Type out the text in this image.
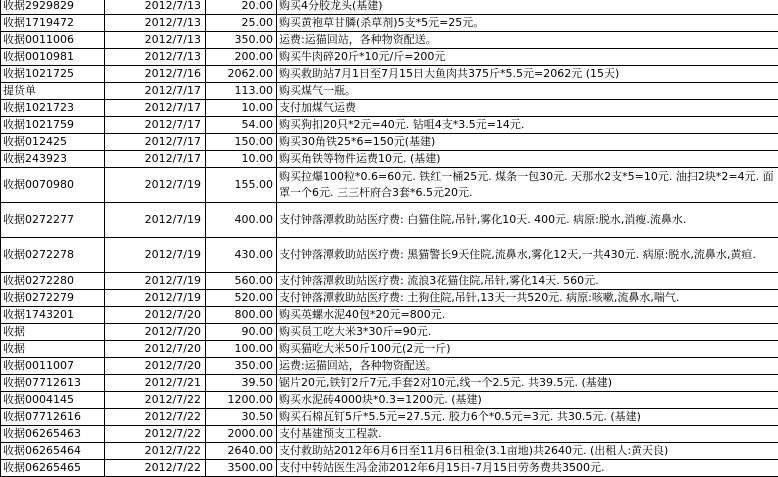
收据2929829	2012/7/13	20.00	购买4分胶龙头(基建)
收据1719472	2012/7/13	25.00	购买黄袍草甘膦(杀草剂)5支*5元=25元。
收据0011006	2012/7/13	350.00	运费:运猫回站，各种物资配送。
收据0010981	2012/7/13	200.00	购买牛肉碎20斤*10元/斤=200元
收据1021725	2012/7/16	2062.00	购买救助站7月1日至7月15日大鱼肉共375斤*5.5元=2062元 (15天)
提货单	2012/7/17	113.00	购买煤气一瓶。
收据1021723	2012/7/17	10.00	支付加煤气运费
收据1021759	2012/7/17	54.00	购买狗扣20只*2元=40元. 钻咀4支*3.5元=14元.
收据012425	2012/7/17	150.00	购买30角铁25*6=150元(基建)
收据243923	2012/7/17	10.00	购买角铁等物件运费10元. (基建)
收据0070980	2012/7/19	155.00	购买拉爆100粒*0.6=60元. 铁红一桶25元. 煤条一包30元. 天那水2支*5=10元. 油扫2块*2=4元. 面罩一个6元. 三三杆府合3套*6.5元20元.
收据0272277	2012/7/19	400.00	支付钟落潭救助站医疗费: 白猫住院,吊针,雾化10天. 400元. 病原:脱水,消瘦.流鼻水.
收据0272278	2012/7/19	430.00	支付钟落潭救助站医疗费: 黑猫警长9天住院,流鼻水,雾化12天,一共430元. 病原:脱水,流鼻水,黄疸.
收据0272280	2012/7/19	560.00	支付钟落潭救助站医疗费: 流浪3花猫住院,吊针,雾化14天. 560元.
收据0272279	2012/7/19	520.00	支付钟落潭救助站医疗费: 土狗住院,吊针,13天一共520元. 病原:咳嗽,流鼻水,喘气.
收据1743201	2012/7/20	800.00	购买英螺水泥40包*20元=800元.
收据	2012/7/20	90.00	购买员工吃大米3*30斤=90元.
收据	2012/7/20	100.00	购买猫吃大米50斤100元(2元一斤)
收据0011007	2012/7/20	350.00	运费:运猫回站，各种物资配送。
收据07712613	2012/7/21	39.50	锯片20元,铁钉2斤7元,手套2对10元,线一个2.5元. 共39.5元. (基建)
收据0004145	2012/7/22	1200.00	购买水泥砖4000块*0.3=1200元. (基建)
收据07712616	2012/7/22	30.50	购买石棉瓦钉5斤*5.5元=27.5元. 胶力6个*0.5元=3元. 共30.5元. (基建)
收据06265463	2012/7/22	2000.00	支付基建预支工程款.
收据06265464	2012/7/22	2640.00	支付救助站2012年6月6日至11月6日租金(3.1亩地)共2640元. (出租人:黄天良)
收据06265465	2012/7/22	3500.00	支付中转站医生冯金沛2012年6月15日-7月15日劳务费共3500元.
